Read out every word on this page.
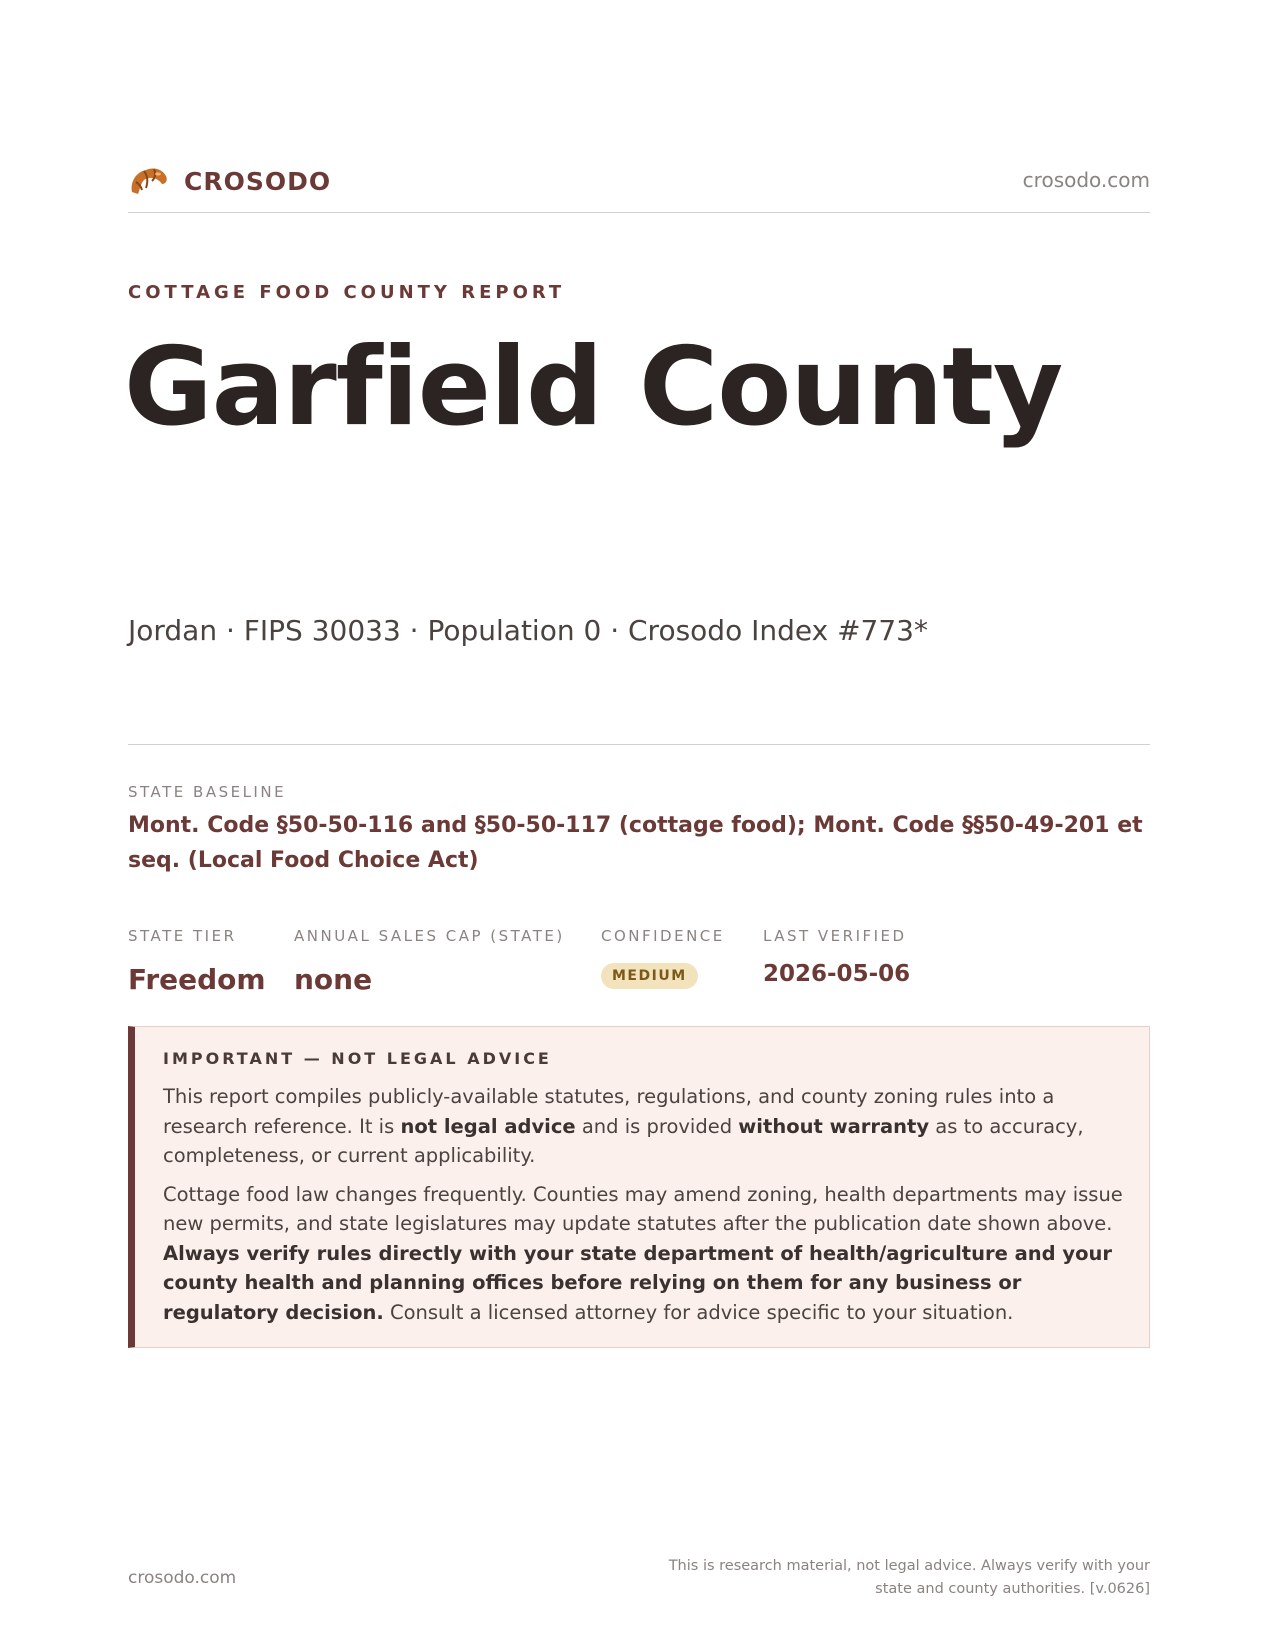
CROSODO	crosodo.com
COTTAGE FOOD COUNTY REPORT
Garfield County
Jordan · FIPS 30033 · Population 0 · Crosodo Index #773*
STATE BASELINE
Mont. Code §50-50-116 and §50-50-117 (cottage food); Mont. Code §§50-49-201 et seq. (Local Food Choice Act)
STATE TIER
Freedom
ANNUAL SALES CAP (STATE)
none
CONFIDENCE
MEDIUM
LAST VERIFIED
2026-05-06
IMPORTANT — NOT LEGAL ADVICE

This report compiles publicly-available statutes, regulations, and county zoning rules into a research reference. It is not legal advice and is provided without warranty as to accuracy, completeness, or current applicability.

Cottage food law changes frequently. Counties may amend zoning, health departments may issue new permits, and state legislatures may update statutes after the publication date shown above. Always verify rules directly with your state department of health/agriculture and your county health and planning offices before relying on them for any business or regulatory decision. Consult a licensed attorney for advice specific to your situation.

crosodo.com
This is research material, not legal advice. Always verify with your state and county authorities. [v.0626]
